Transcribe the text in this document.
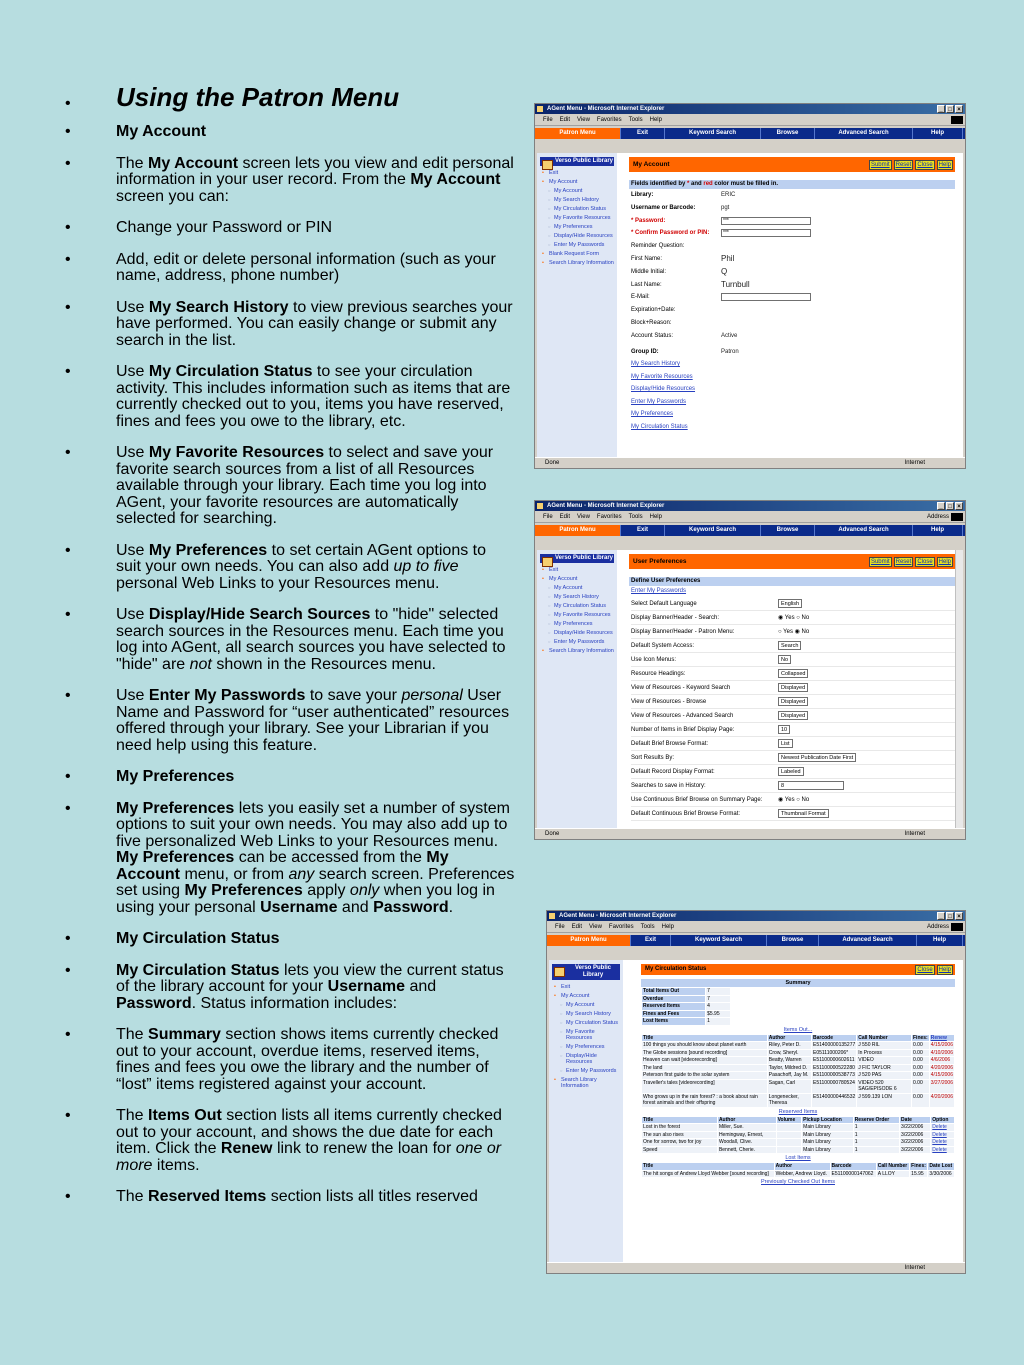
• Using the Patron Menu
•	My Account
•	The My Account screen lets you view and edit personal information in your user record. From the My Account screen you can:
•	Change your Password or PIN
•	Add, edit or delete personal information (such as your name, address, phone number)
•	Use My Search History to view previous searches your have performed. You can easily change or submit any search in the list.
•	Use My Circulation Status to see your circulation activity. This includes information such as items that are currently checked out to you, items you have reserved, fines and fees you owe to the library, etc.
•	Use My Favorite Resources to select and save your favorite search sources from a list of all Resources available through your library. Each time you log into AGent, your favorite resources are automatically selected for searching.
•	Use My Preferences to set certain AGent options to suit your own needs. You can also add up to five personal Web Links to your Resources menu.
•	Use Display/Hide Search Sources to "hide" selected search sources in the Resources menu. Each time you log into AGent, all search sources you have selected to "hide" are not shown in the Resources menu.
•	Use Enter My Passwords to save your personal User Name and Password for “user authenticated” resources offered through your library. See your Librarian if you need help using this feature.
•	My Preferences
•	My Preferences lets you easily set a number of system options to suit your own needs. You may also add up to five personalized Web Links to your Resources menu. My Preferences can be accessed from the My Account menu, or from any search screen. Preferences set using My Preferences apply only when you log in using your personal Username and Password.
•	My Circulation Status
•	My Circulation Status lets you view the current status of the library account for your Username and Password. Status information includes:
•	The Summary section shows items currently checked out to your account, overdue items, reserved items, fines and fees you owe the library and the number of “lost” items registered against your account.
•	The Items Out section lists all items currently checked out to your account, and shows the due date for each item. Click the Renew link to renew the loan for one or more items.
•	The Reserved Items section lists all titles reserved
AGent Menu - Microsoft Internet Explorer	_ □ ×
File Edit View Favorites Tools Help
Patron Menu	Exit	Keyword Search	Browse	Advanced Search	Help
Verso Public Library
• Exit
• My Account
○ My Account
○ My Search History
○ My Circulation Status
○ My Favorite Resources
○ My Preferences
○ Display/Hide Resources
○ Enter My Passwords
• Blank Request Form
• Search Library Information
My Account	Submit	Reset	Close	Help
Fields identified by * and red color must be filled in.
Library:	ERIC
Username or Barcode:	pgt
* Password:	***
* Confirm Password or PIN:	***
Reminder Question:
First Name:	Phil
Middle Initial:	Q
Last Name:	Turnbull
E-Mail:
Expiration+Date:
Block+Reason:
Account Status:	Active
Group ID:	Patron
My Search History
My Favorite Resources
Display/Hide Resources
Enter My Passwords
My Preferences
My Circulation Status
Done	Internet
AGent Menu - Microsoft Internet Explorer	_ □ ×
File Edit View Favorites Tools Help	Address
Patron Menu	Exit	Keyword Search	Browse	Advanced Search	Help
Verso Public Library
• Exit
• My Account
○ My Account
○ My Search History
○ My Circulation Status
○ My Favorite Resources
○ My Preferences
○ Display/Hide Resources
○ Enter My Passwords
• Search Library Information
User Preferences	Submit	Reset	Close	Help
Define User Preferences
Enter My Passwords
Select Default Language	English
Display Banner/Header - Search:	◉ Yes ○ No
Display Banner/Header - Patron Menu:	○ Yes ◉ No
Default System Access:	Search
Use Icon Menus:	No
Resource Headings:	Collapsed
View of Resources - Keyword Search	Displayed
View of Resources - Browse	Displayed
View of Resources - Advanced Search	Displayed
Number of Items in Brief Display Page:	10
Default Brief Browse Format:	List
Sort Results By:	Newest Publication Date First
Default Record Display Format:	Labeled
Searches to save in History:	8
Use Continuous Brief Browse on Summary Page:	◉ Yes ○ No
Default Continuous Brief Browse Format:	Thumbnail Format
Done	Internet
AGent Menu - Microsoft Internet Explorer	_ □ ×
File Edit View Favorites Tools Help	Address
Patron Menu	Exit	Keyword Search	Browse	Advanced Search	Help
Verso Public Library
• Exit
• My Account
○ My Account
○ My Search History
○ My Circulation Status
○ My Favorite Resources
○ My Preferences
○ Display/Hide Resources
○ Enter My Passwords
• Search Library Information
My Circulation Status	Close	Help
Summary
Total Items Out	7
Overdue	7
Reserved Items	4
Fines and Fees	$5.95
Lost Items	1
Items Out...
Title	Author	Barcode	Call Number	Fines:	Renew
100 things you should know about planet earth	Riley, Peter D.	E51400000135277	J 550 RIL	0.00	4/15/2006
The Globe sessions [sound recording]	Crow, Sheryl.	E05111000206*	In Process	0.00	4/10/2006
Heaven can wait [videorecording]	Beatty, Warren	E51100000602611	VIDEO	0.00	4/6/2006
The land	Taylor, Mildred D.	E51100000522280	J FIC TAYLOR	0.00	4/20/2006
Peterson first guide to the solar system	Pasachoff, Jay M.	E51100000538773	J 520 PAS	0.00	4/15/2006
Traveller's tales [videorecording]	Sagan, Carl	E51100000780524	VIDEO 520 SAG/EPISODE 6	0.00	3/27/2006
Who grows up in the rain forest? : a book about rain forest animals and their offspring	Longenecker, Theresa	E51400000446532	J 599.139 LON	0.00	4/20/2006
Reserved Items
Title	Author	Volume	Pickup Location	Reserve Order	Date	Option
Lost in the forest	Miller, Sue.		Main Library	1	3/22/2006	Delete
The sun also rises	Hemingway, Ernest,		Main Library	1	3/22/2006	Delete
One for sorrow, two for joy	Woodall, Clive.		Main Library	1	3/22/2006	Delete
Speed	Bennett, Cherie.		Main Library	1	3/22/2006	Delete
Lost Items
Title	Author	Barcode	Call Number	Fines:	Date Lost
The hit songs of Andrew Lloyd Webber [sound recording]	Webber, Andrew Lloyd.	E51100000147062	A LLOY	15.95	3/30/2006
Previously Checked Out Items
Internet
